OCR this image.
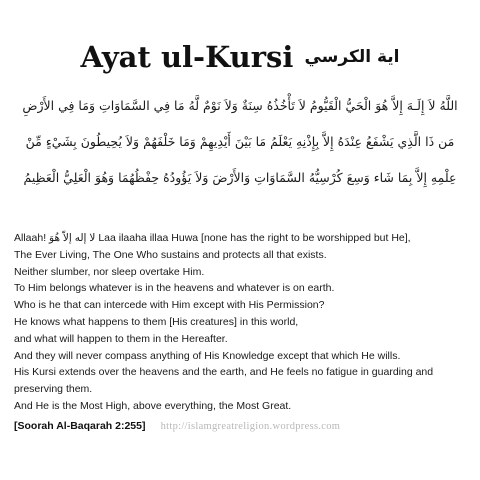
Ayat ul-Kursi اية الكرسي
اللَّهُ لاَ إِلَـهَ إِلاَّ هُوَ الْحَيُّ الْقَيُّومُ لاَ تَأْخُذُهُ سِنَةٌ وَلاَ نَوْمٌ لَّهُ مَا فِي السَّمَاوَاتِ وَمَا فِي الأَرْضِ
مَن ذَا الَّذِي يَشْفَعُ عِنْدَهُ إِلاَّ بِإِذْنِهِ يَعْلَمُ مَا بَيْنَ أَيْدِيهِمْ وَمَا خَلْفَهُمْ وَلاَ يُحِيطُونَ بِشَيْءٍ مِّنْ
عِلْمِهِ إِلاَّ بِمَا شَاء وَسِعَ كُرْسِيُّهُ السَّمَاوَاتِ وَالأَرْضَ وَلاَ يَؤُودُهُ حِفْظُهُمَا وَهُوَ الْعَلِيُّ الْعَظِيمُ
Allaah! لا إله إلاّ هُوَ Laa ilaaha illaa Huwa [none has the right to be worshipped but He],
The Ever Living, The One Who sustains and protects all that exists.
Neither slumber, nor sleep overtake Him.
To Him belongs whatever is in the heavens and whatever is on earth.
Who is he that can intercede with Him except with His Permission?
He knows what happens to them [His creatures] in this world,
and what will happen to them in the Hereafter.
And they will never compass anything of His Knowledge except that which He wills.
His Kursi extends over the heavens and the earth, and He feels no fatigue in guarding and preserving them.
And He is the Most High, above everything, the Most Great.
[Soorah Al-Baqarah 2:255] http://islamgreatreligion.wordpress.com
